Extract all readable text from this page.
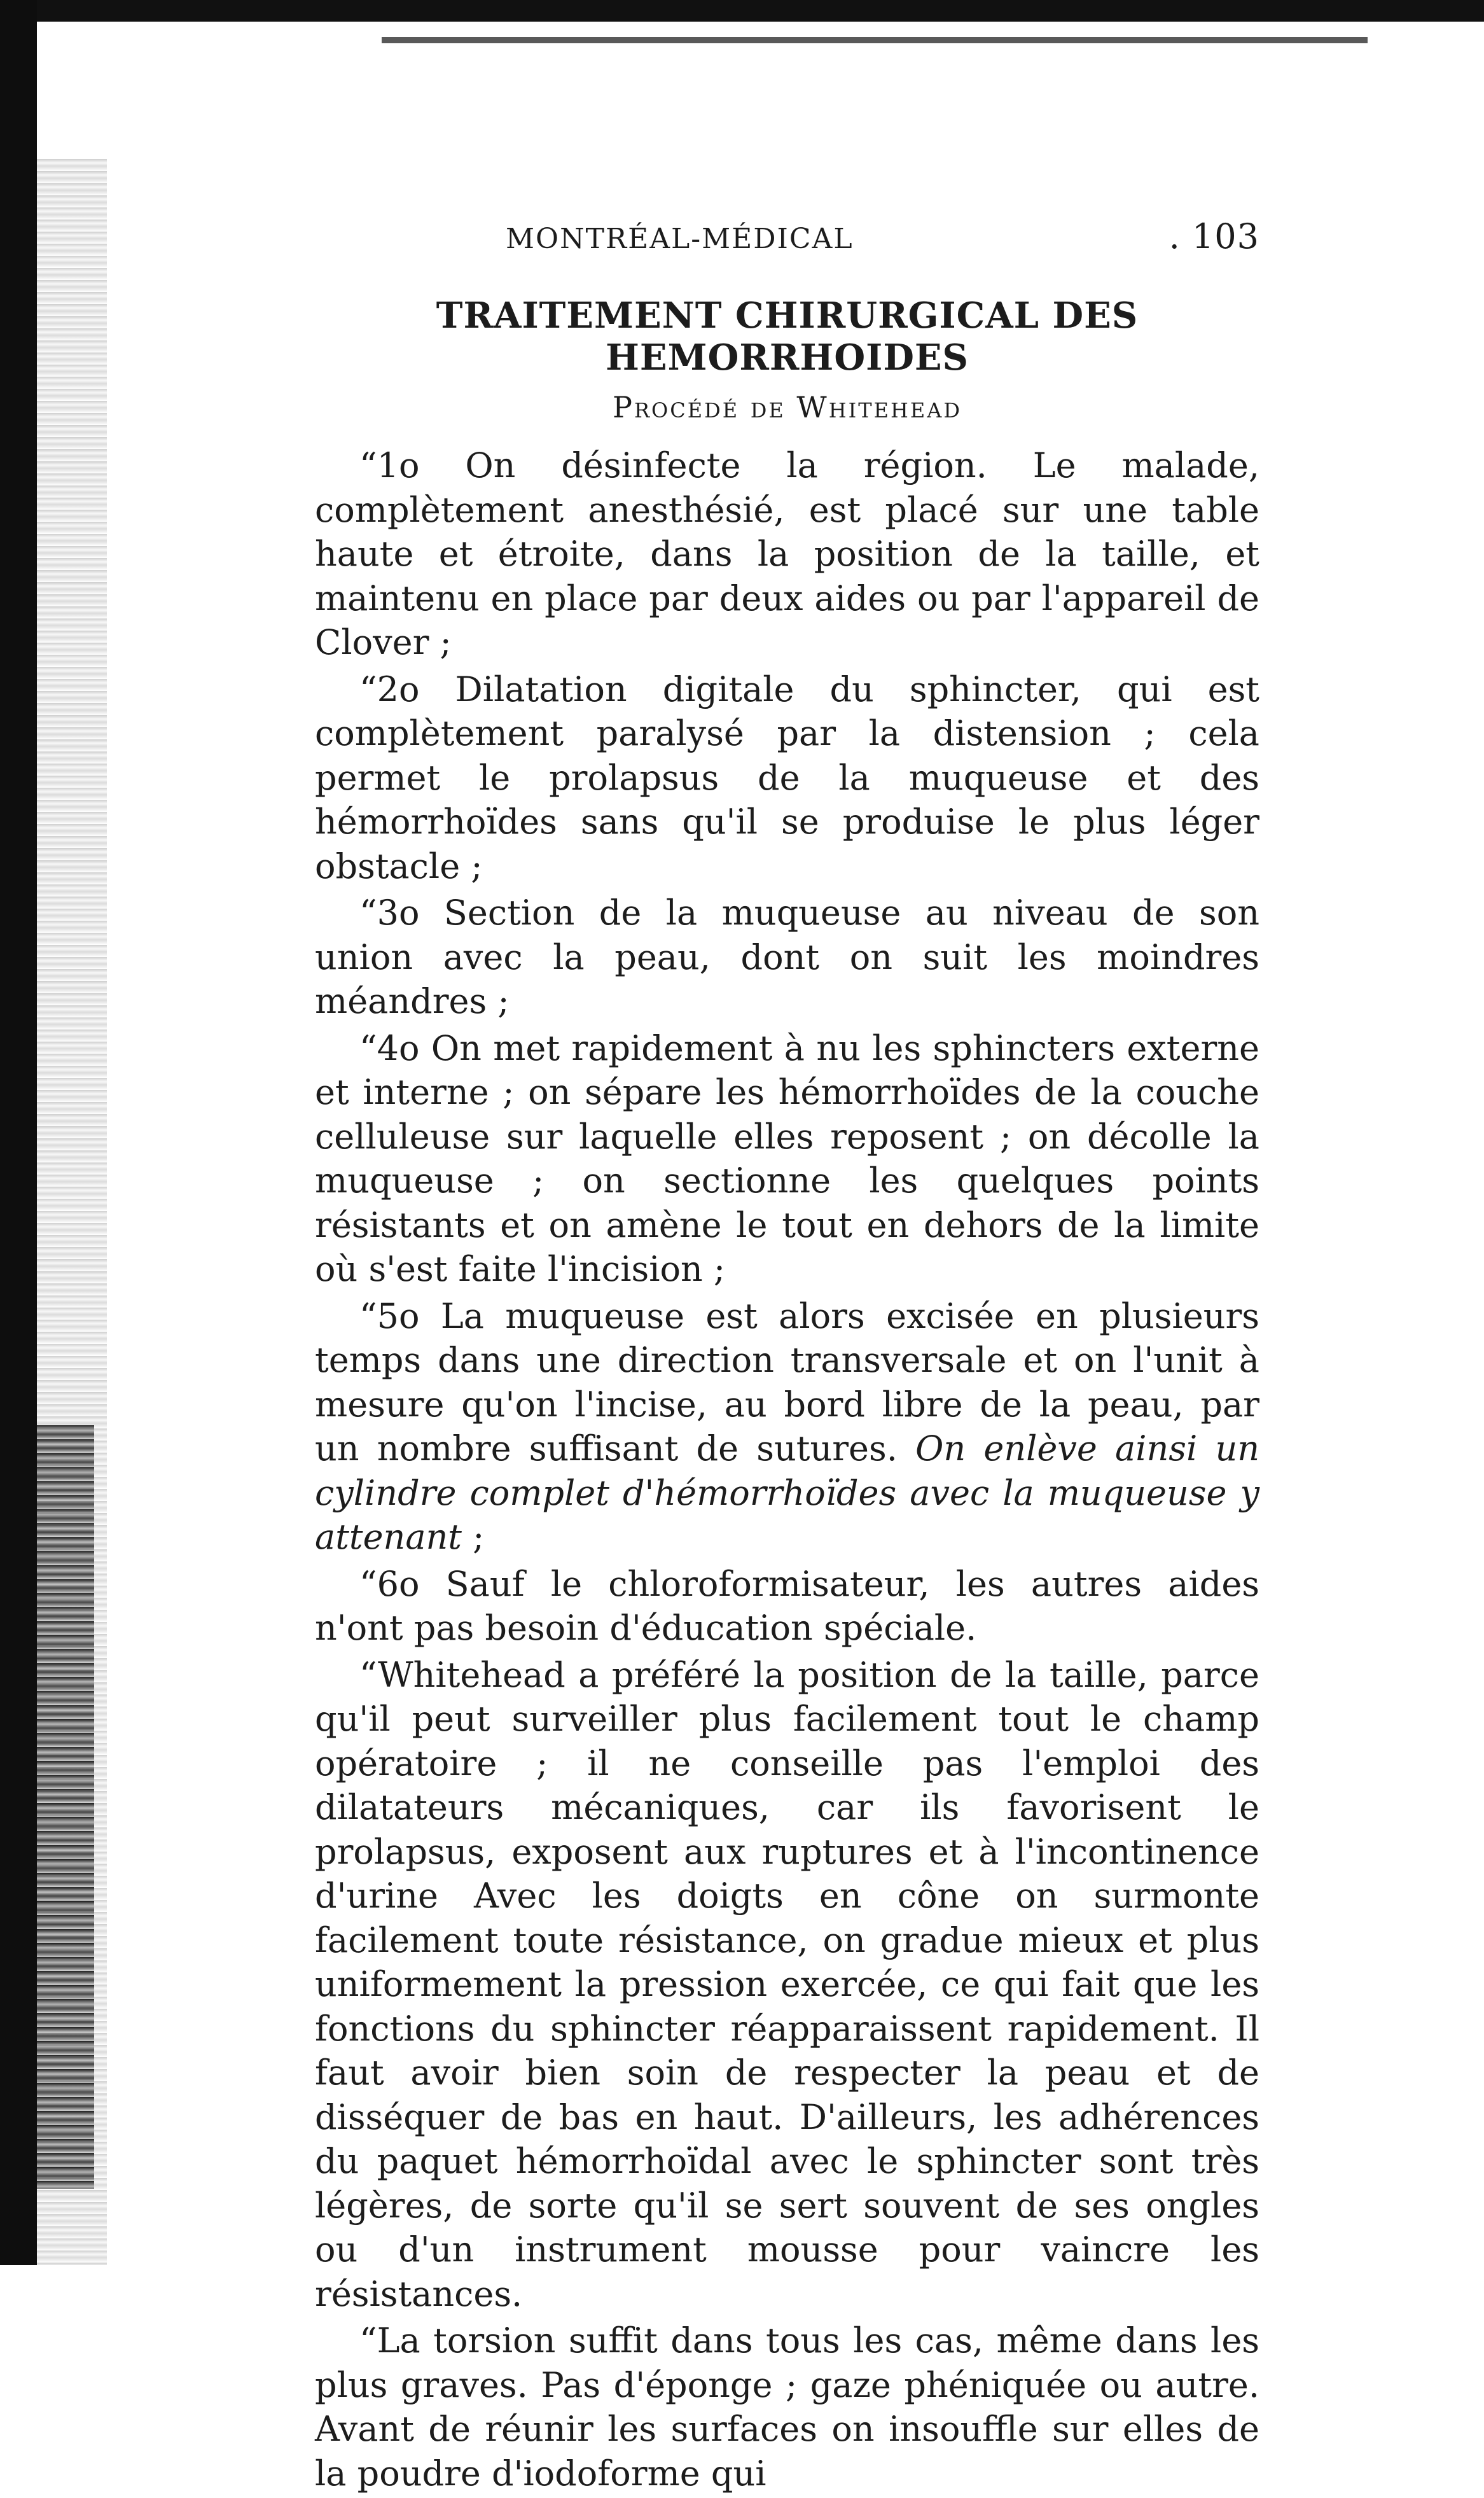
MONTRÉAL-MÉDICAL	. 103
TRAITEMENT CHIRURGICAL DES HEMORRHOIDES
Procédé de Whitehead

“1o On désinfecte la région. Le malade, complètement anesthésié, est placé sur une table haute et étroite, dans la position de la taille, et maintenu en place par deux aides ou par l'appareil de Clover ;

“2o Dilatation digitale du sphincter, qui est complètement paralysé par la distension ; cela permet le prolapsus de la muqueuse et des hémorrhoïdes sans qu'il se produise le plus léger obstacle ;

“3o Section de la muqueuse au niveau de son union avec la peau, dont on suit les moindres méandres ;

“4o On met rapidement à nu les sphincters externe et interne ; on sépare les hémorrhoïdes de la couche celluleuse sur laquelle elles reposent ; on décolle la muqueuse ; on sectionne les quelques points résistants et on amène le tout en dehors de la limite où s'est faite l'incision ;

“5o La muqueuse est alors excisée en plusieurs temps dans une direction transversale et on l'unit à mesure qu'on l'incise, au bord libre de la peau, par un nombre suffisant de sutures. On enlève ainsi un cylindre complet d'hémorrhoïdes avec la muqueuse y attenant ;

“6o Sauf le chloroformisateur, les autres aides n'ont pas besoin d'éducation spéciale.

“Whitehead a préféré la position de la taille, parce qu'il peut surveiller plus facilement tout le champ opératoire ; il ne conseille pas l'emploi des dilatateurs mécaniques, car ils favorisent le prolapsus, exposent aux ruptures et à l'incontinence d'urine Avec les doigts en cône on surmonte facilement toute résistance, on gradue mieux et plus uniformement la pression exercée, ce qui fait que les fonctions du sphincter réapparaissent rapidement. Il faut avoir bien soin de respecter la peau et de disséquer de bas en haut. D'ailleurs, les adhérences du paquet hémorrhoïdal avec le sphincter sont très légères, de sorte qu'il se sert souvent de ses ongles ou d'un instrument mousse pour vaincre les résistances.

“La torsion suffit dans tous les cas, même dans les plus graves. Pas d'éponge ; gaze phéniquée ou autre. Avant de réunir les surfaces on insouffle sur elles de la poudre d'iodoforme qui
